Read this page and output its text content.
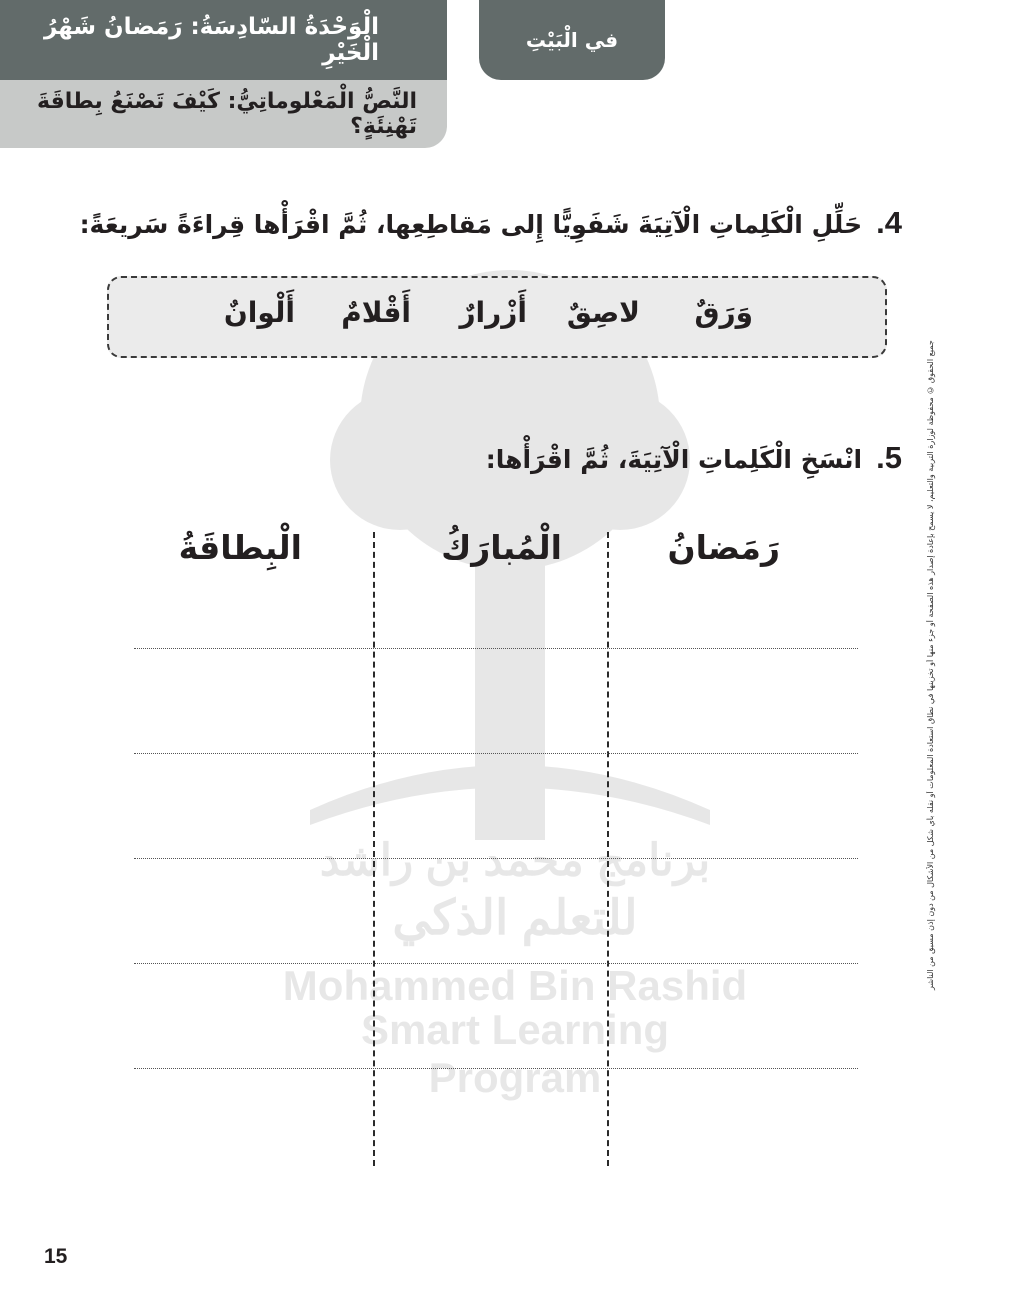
الْوَحْدَةُ السّادِسَةُ: رَمَضانُ شَهْرُ الْخَيْرِ
النَّصُّ الْمَعْلوماتِيُّ: كَيْفَ تَصْنَعُ بِطاقَةَ تَهْنِئَةٍ؟
في الْبَيْتِ
برنامج محمد بن راشد
للتعلم الذكي
Mohammed Bin Rashid
Smart Learning Program
4.
حَلِّلِ الْكَلِماتِ الْآتِيَةَ شَفَوِيًّا إِلى مَقاطِعِها، ثُمَّ اقْرَأْها قِراءَةً سَريعَةً:
وَرَقٌ
لاصِقٌ
أَزْرارٌ
أَقْلامٌ
أَلْوانٌ
5.
انْسَخِ الْكَلِماتِ الْآتِيَةَ، ثُمَّ اقْرَأْها:
رَمَضانُ
الْمُبارَكُ
الْبِطاقَةُ	جميع الحقوق © محفوظة لوزارة التربية والتعليم، لا يسمح بإعادة إصدار هذه الصفحة أو جزء منها أو تخزينها في نطاق استعادة المعلومات أو نقله بأي شكل من الأشكال من دون إذن مسبق من الناشر
15
